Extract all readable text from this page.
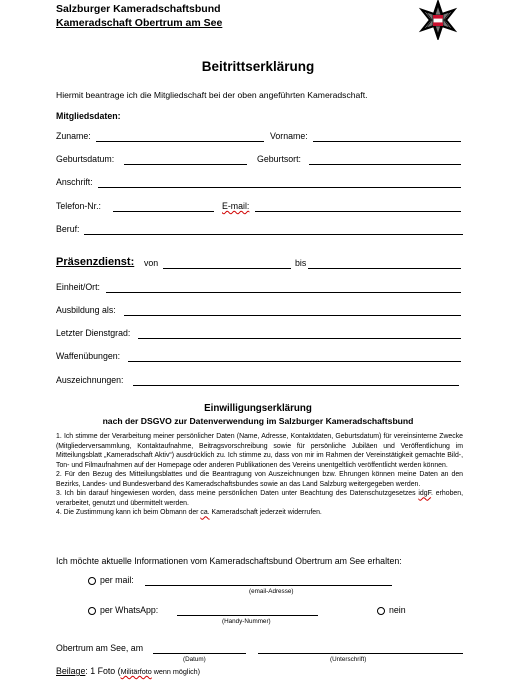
Salzburger Kameradschaftsbund
Kameradschaft Obertrum am See
Beitrittserklärung
Hiermit beantrage ich die Mitgliedschaft bei der oben angeführten Kameradschaft.
Mitgliedsdaten:
Zuname:	Vorname:
Geburtsdatum:	Geburtsort:
Anschrift:
Telefon-Nr.:	E-mail:
Beruf:
Präsenzdienst: von	bis
Einheit/Ort:
Ausbildung als:
Letzter Dienstgrad:
Waffenübungen:
Auszeichnungen:
Einwilligungserklärung
nach der DSGVO zur Datenverwendung im Salzburger Kameradschaftsbund

1. Ich stimme der Verarbeitung meiner persönlicher Daten (Name, Adresse, Kontaktdaten, Geburtsdatum) für vereinsinterne Zwecke (Mitgliederversammlung, Kontaktaufnahme, Beitragsvorschreibung sowie für persönliche Jubiläen und Veröffentlichung im Mitteilungsblatt „Kameradschaft Aktiv“) ausdrücklich zu. Ich stimme zu, dass von mir im Rahmen der Vereinstätigkeit gemachte Bild-, Ton- und Filmaufnahmen auf der Homepage oder anderen Publikationen des Vereins unentgeltlich veröffentlicht werden können.

2. Für den Bezug des Mitteilungsblattes und die Beantragung von Auszeichnungen bzw. Ehrungen können meine Daten an den Bezirks, Landes- und Bundesverband des Kameradschaftsbundes sowie an das Land Salzburg weitergegeben werden.

3. Ich bin darauf hingewiesen worden, dass meine persönlichen Daten unter Beachtung des Datenschutzgesetzes idgF. erhoben, verarbeitet, genutzt und übermittelt werden.

4. Die Zustimmung kann ich beim Obmann der ca. Kameradschaft jederzeit widerrufen.

Ich möchte aktuelle Informationen vom Kameradschaftsbund Obertrum am See erhalten:
per mail:
(email-Adresse)
per WhatsApp:
(Handy-Nummer)
nein
Obertrum am See, am
(Datum)	(Unterschrift)
Beilage: 1 Foto (Militärfoto wenn möglich)
